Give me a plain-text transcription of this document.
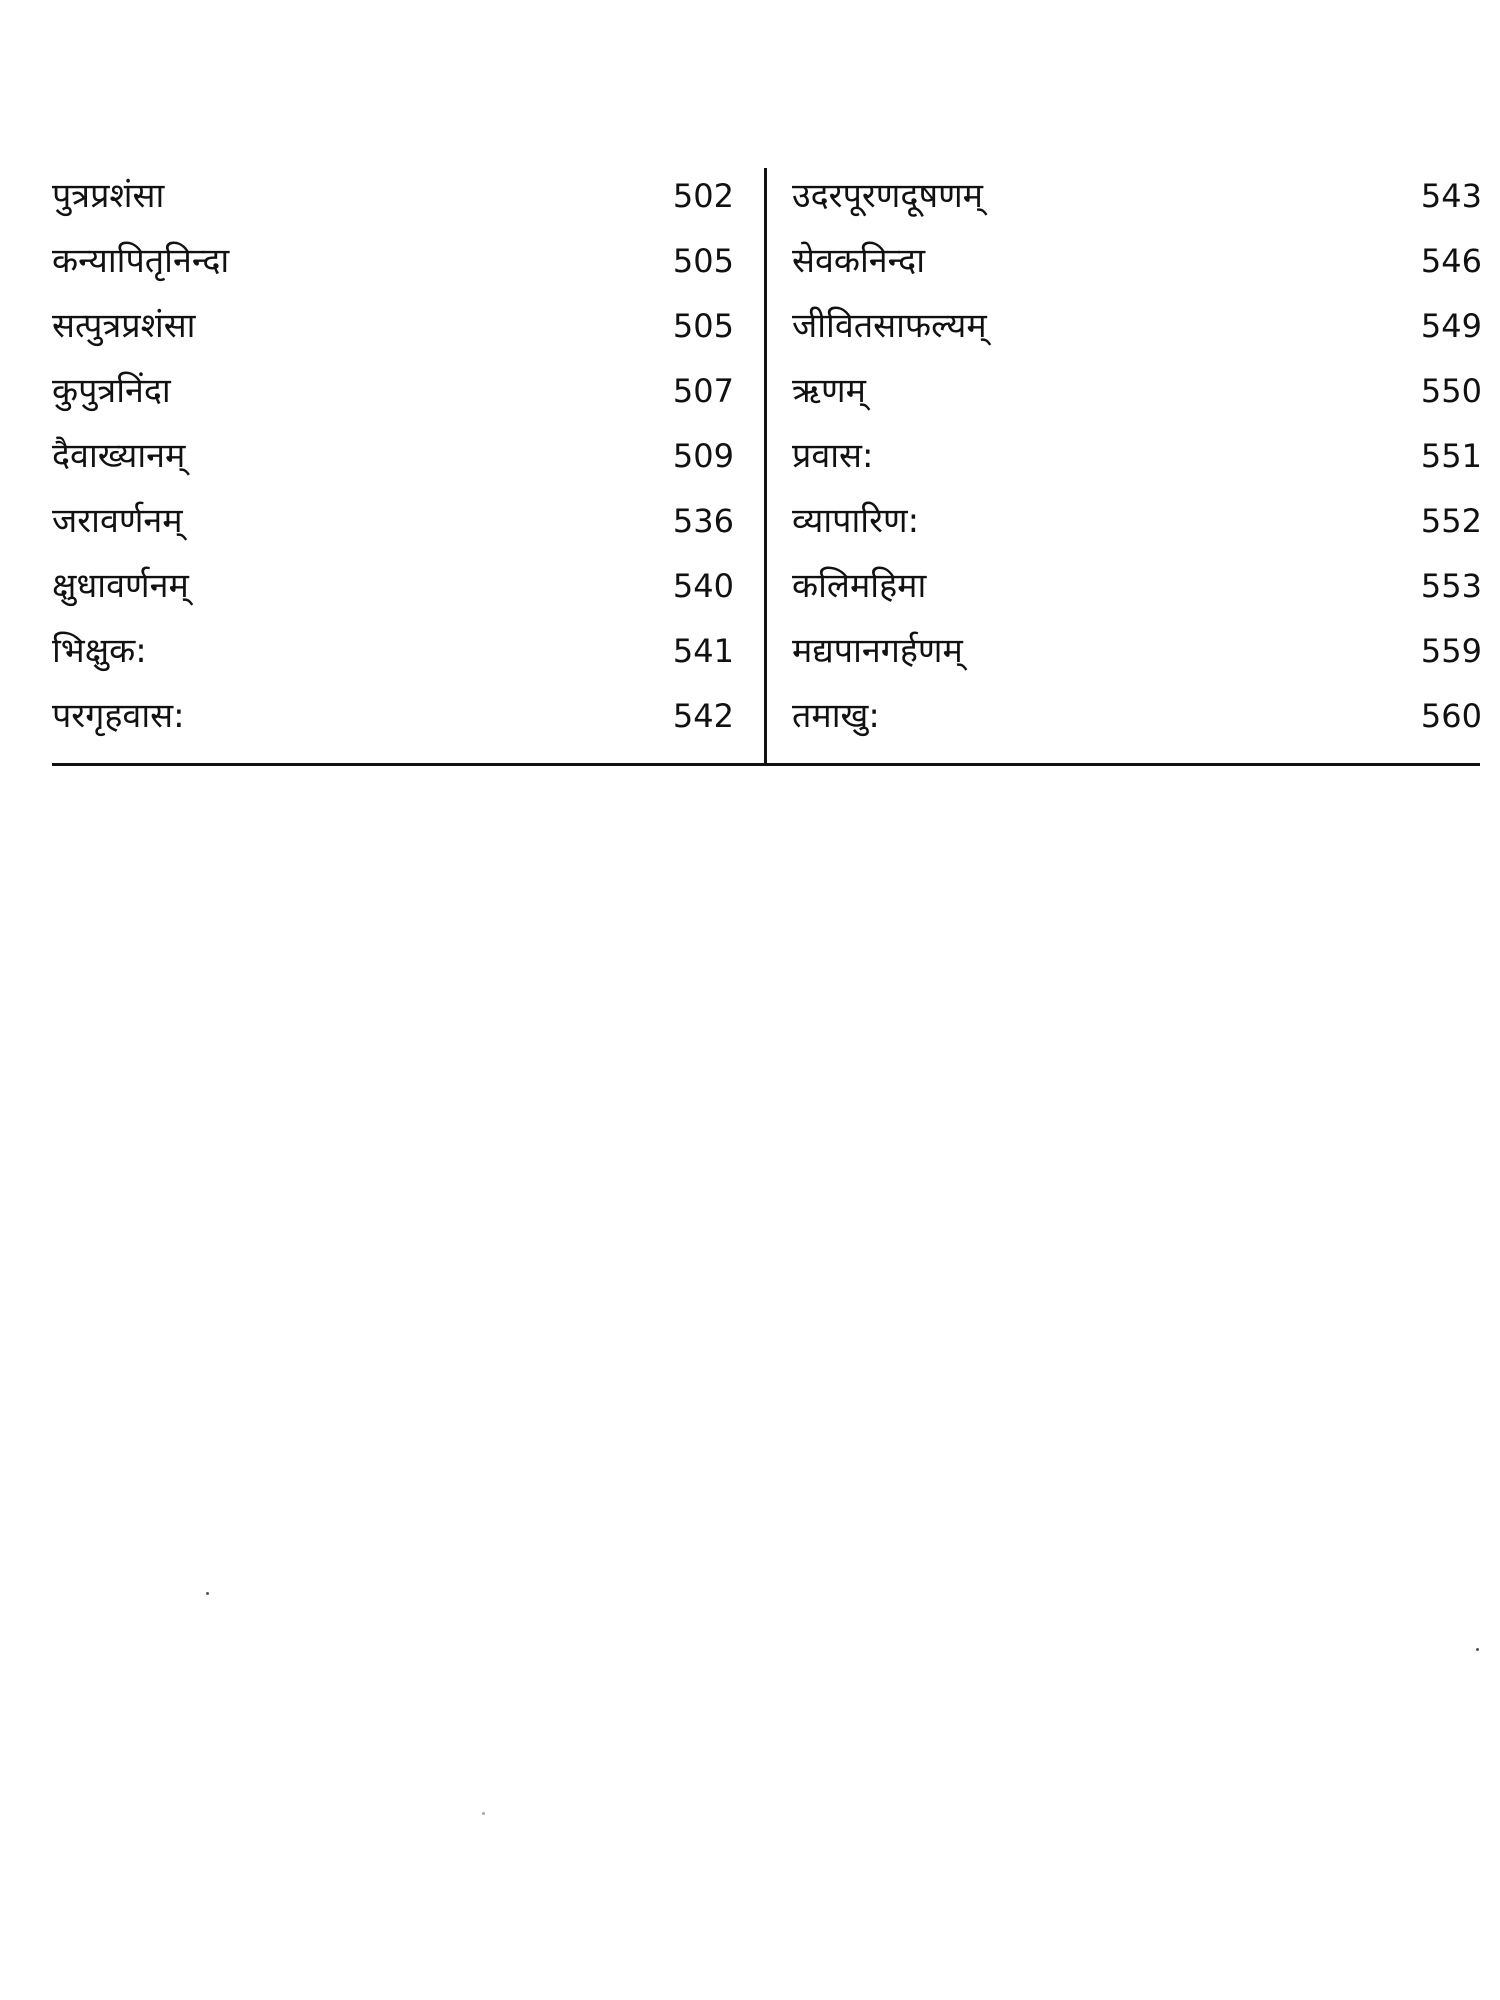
पुत्रप्रशंसा	502
कन्यापितृनिन्दा	505
सत्पुत्रप्रशंसा	505
कुपुत्रनिंदा	507
दैवाख्यानम्	509
जरावर्णनम्	536
क्षुधावर्णनम्	540
भिक्षुक:	541
परगृहवास:	542
उदरपूरणदूषणम्	543
सेवकनिन्दा	546
जीवितसाफल्यम्	549
ऋणम्	550
प्रवास:	551
व्यापारिण:	552
कलिमहिमा	553
मद्यपानगर्हणम्	559
तमाखु:	560
